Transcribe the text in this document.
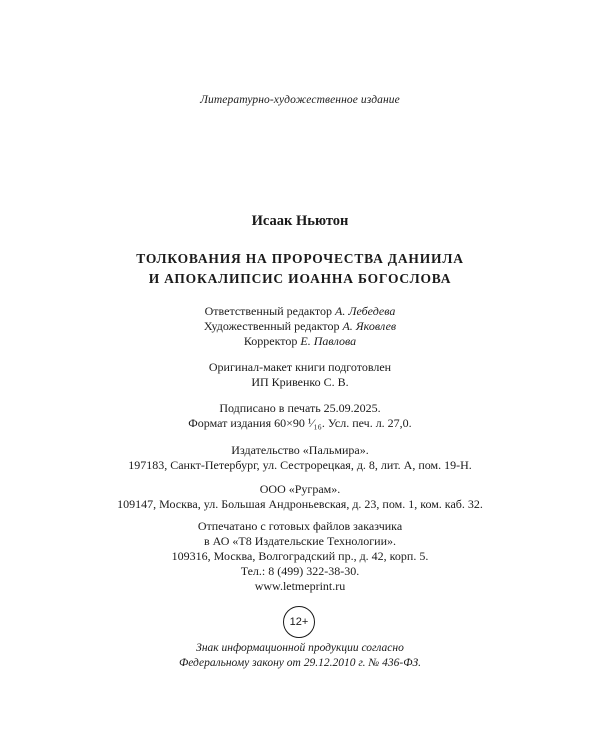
Литературно-художественное издание
Исаак Ньютон
ТОЛКОВАНИЯ НА ПРОРОЧЕСТВА ДАНИИЛА
И АПОКАЛИПСИС ИОАННА БОГОСЛОВА
Ответственный редактор А. Лебедева
Художественный редактор А. Яковлев
Корректор Е. Павлова
Оригинал-макет книги подготовлен
ИП Кривенко С. В.
Подписано в печать 25.09.2025.
Формат издания 60×90 ¹⁄₁₆. Усл. печ. л. 27,0.
Издательство «Пальмира».
197183, Санкт-Петербург, ул. Сестрорецкая, д. 8, лит. А, пом. 19-Н.
ООО «Руграм».
109147, Москва, ул. Большая Андроньевская, д. 23, пом. 1, ком. каб. 32.
Отпечатано с готовых файлов заказчика
в АО «Т8 Издательские Технологии».
109316, Москва, Волгоградский пр., д. 42, корп. 5.
Тел.: 8 (499) 322-38-30.
www.letmeprint.ru
12+
Знак информационной продукции согласно
Федеральному закону от 29.12.2010 г. № 436-ФЗ.
